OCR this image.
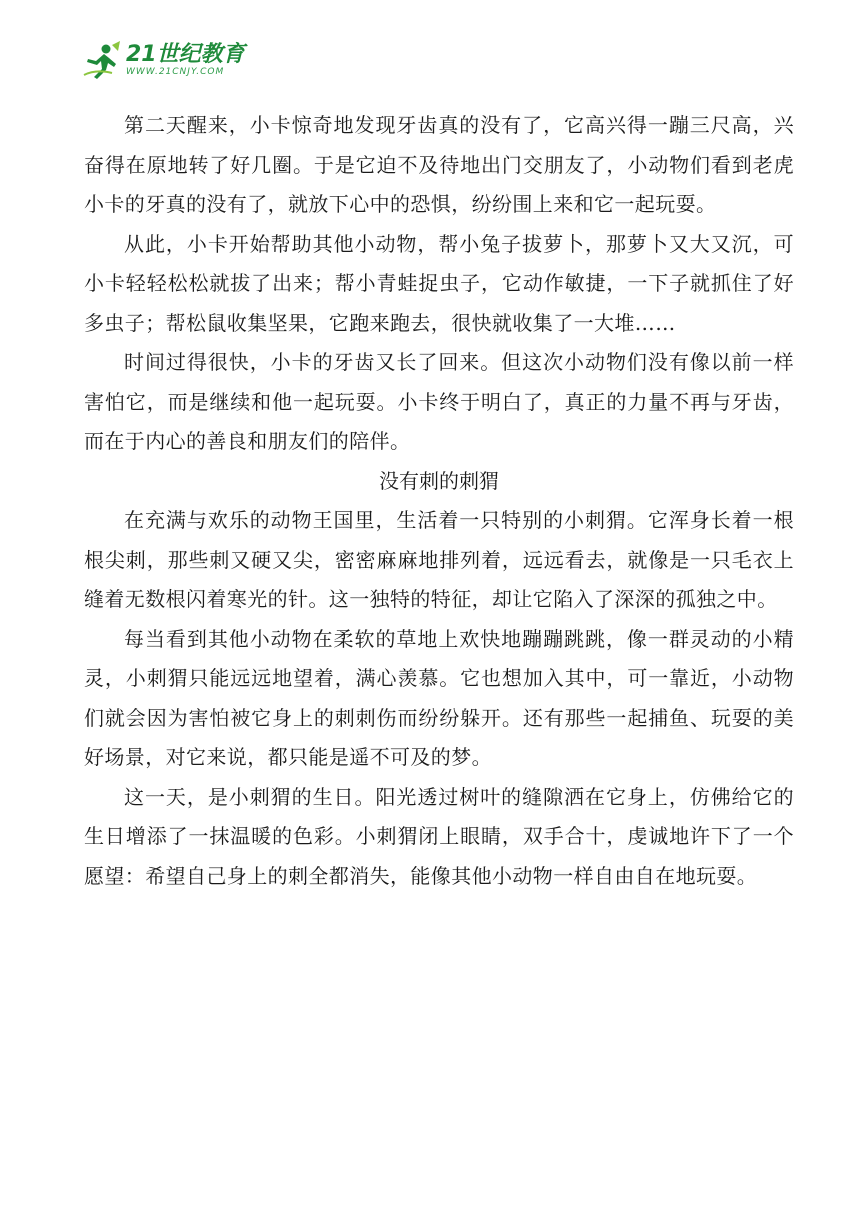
21世纪教育
WWW.21CNJY.COM

第二天醒来，小卡惊奇地发现牙齿真的没有了，它高兴得一蹦三尺高，兴奋得在原地转了好几圈。于是它迫不及待地出门交朋友了，小动物们看到老虎小卡的牙真的没有了，就放下心中的恐惧，纷纷围上来和它一起玩耍。

从此，小卡开始帮助其他小动物，帮小兔子拔萝卜，那萝卜又大又沉，可小卡轻轻松松就拔了出来；帮小青蛙捉虫子，它动作敏捷，一下子就抓住了好多虫子；帮松鼠收集坚果，它跑来跑去，很快就收集了一大堆……

时间过得很快，小卡的牙齿又长了回来。但这次小动物们没有像以前一样害怕它，而是继续和他一起玩耍。小卡终于明白了，真正的力量不再与牙齿，而在于内心的善良和朋友们的陪伴。

没有刺的刺猬

在充满与欢乐的动物王国里，生活着一只特别的小刺猬。它浑身长着一根根尖刺，那些刺又硬又尖，密密麻麻地排列着，远远看去，就像是一只毛衣上缝着无数根闪着寒光的针。这一独特的特征，却让它陷入了深深的孤独之中。

每当看到其他小动物在柔软的草地上欢快地蹦蹦跳跳，像一群灵动的小精灵，小刺猬只能远远地望着，满心羡慕。它也想加入其中，可一靠近，小动物们就会因为害怕被它身上的刺刺伤而纷纷躲开。还有那些一起捕鱼、玩耍的美好场景，对它来说，都只能是遥不可及的梦。

这一天，是小刺猬的生日。阳光透过树叶的缝隙洒在它身上，仿佛给它的生日增添了一抹温暖的色彩。小刺猬闭上眼睛，双手合十，虔诚地许下了一个愿望：希望自己身上的刺全都消失，能像其他小动物一样自由自在地玩耍。
